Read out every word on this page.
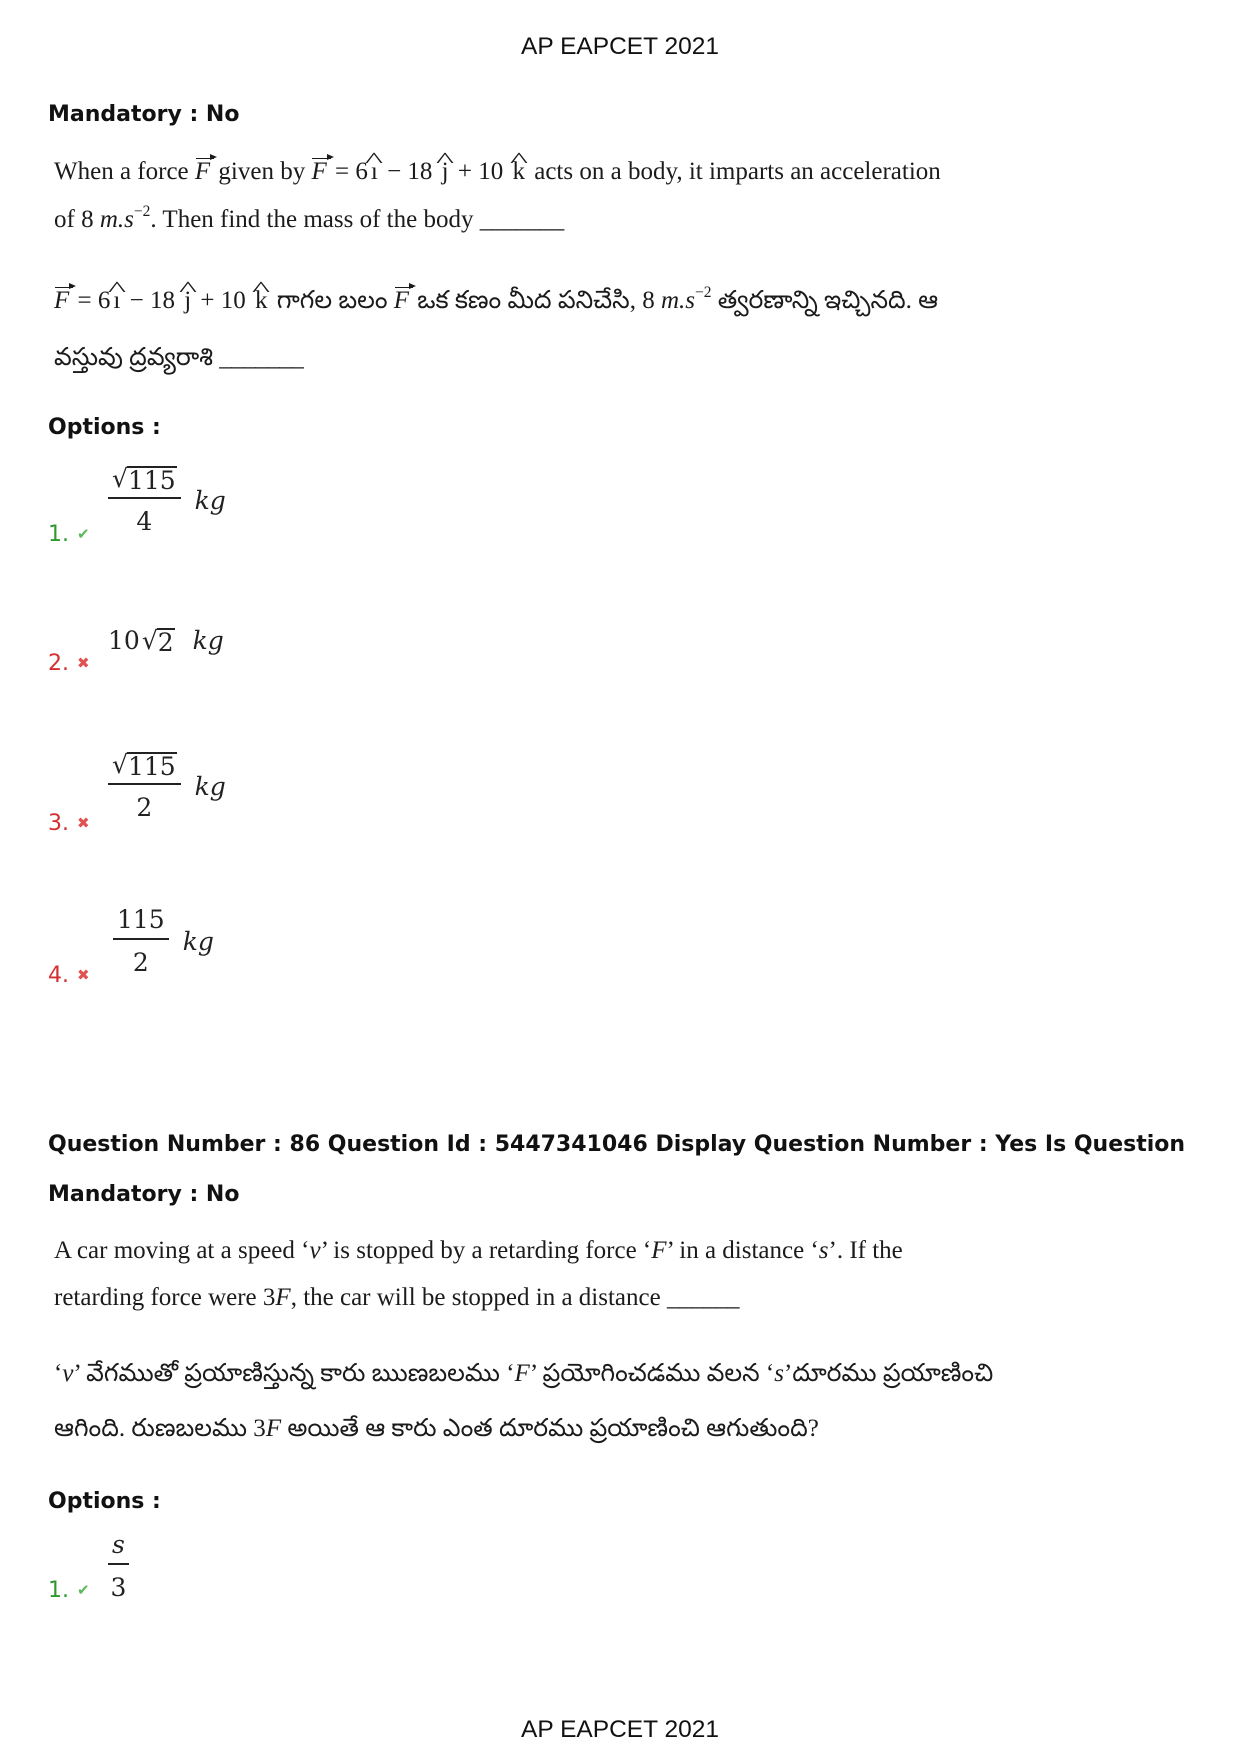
AP EAPCET 2021
Mandatory : No
When a force F given by F = 6 ^ ı − 18 ^ j + 10 ^ k acts on a body, it imparts an acceleration
of 8 $m.s^{-2}$. Then find the mass of the body _______
F = 6 ^ ı − 18 ^ j + 10 ^ k గాగల బలం F ఒక కణం మీద పనిచేసి, 8 $m.s^{-2}$ త్వరణాన్ని ఇచ్చినది. ఆ
వస్తువు ద్రవ్యరాశి _______
Options :
1. ✔ $\frac{√ 115}{4}$ kg
2. ✖
10 √ 2 kg
3. ✖ $\frac{√ 115}{2}$ kg
4. ✖ $\frac{115}{2}$ kg
Question Number : 86 Question Id : 5447341046 Display Question Number : Yes Is Question
Mandatory : No
A car moving at a speed ‘v’ is stopped by a retarding force ‘F’ in a distance ‘s’. If the
retarding force were 3F, the car will be stopped in a distance ______
‘v’ వేగముతో ప్రయాణిస్తున్న కారు ఋణబలము ‘F’ ప్రయోగించడము వలన ‘s’దూరము ప్రయాణించి
ఆగింది. రుణబలము 3F అయితే ఆ కారు ఎంత దూరము ప్రయాణించి ఆగుతుంది?
Options :
1. ✔ $\frac{s}{3}$
AP EAPCET 2021
